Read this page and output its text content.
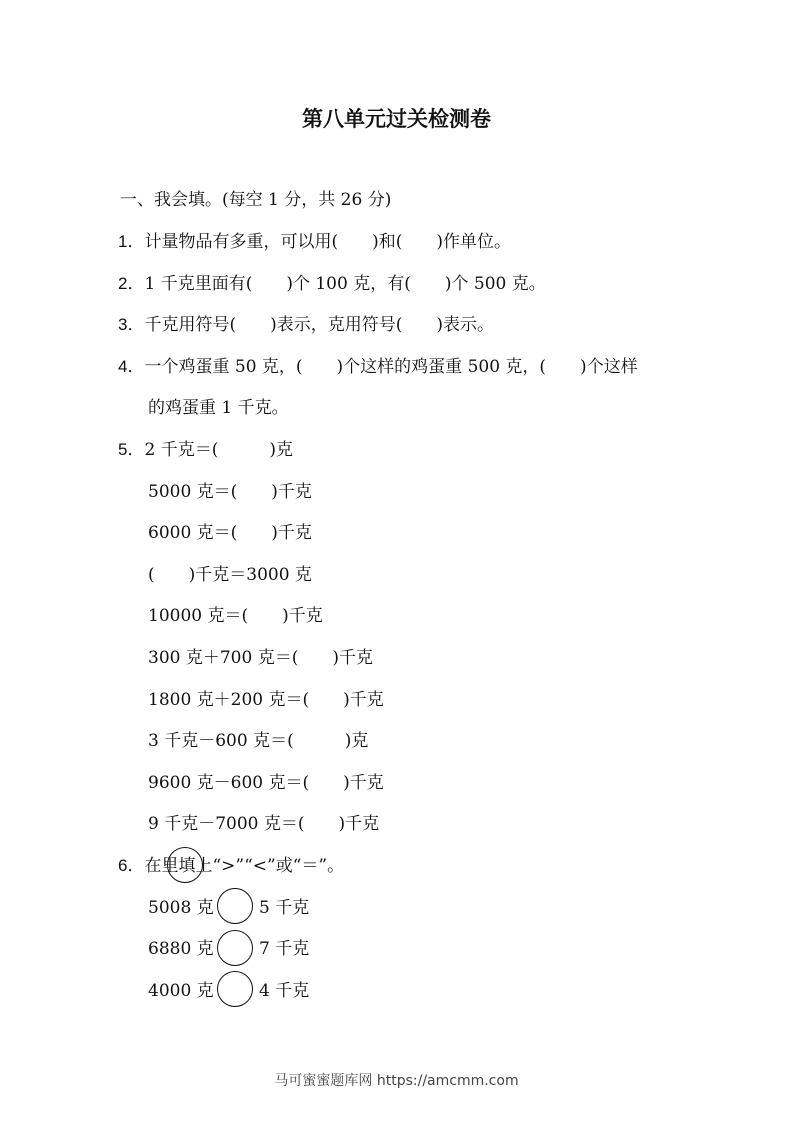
第八单元过关检测卷
一、我会填。(每空 1 分，共 26 分)
1．计量物品有多重，可以用(　　)和(　　)作单位。
2．1 千克里面有(　　)个 100 克，有(　　)个 500 克。
3．千克用符号(　　)表示，克用符号(　　)表示。
4．一个鸡蛋重 50 克，(　　)个这样的鸡蛋重 500 克，(　　)个这样
的鸡蛋重 1 千克。
5．2 千克＝(　　　)克
5000 克＝(　　)千克
6000 克＝(　　)千克
(　　)千克＝3000 克
10000 克＝(　　)千克
300 克＋700 克＝(　　)千克
1800 克＋200 克＝(　　)千克
3 千克－600 克＝(　　　)克
9600 克－600 克＝(　　)千克
9 千克－7000 克＝(　　)千克
6．在里填上“>”“<”或“＝”。
5008 克	5 千克
6880 克	7 千克
4000 克	4 千克
马可蜜蜜题库网 https://amcmm.com
